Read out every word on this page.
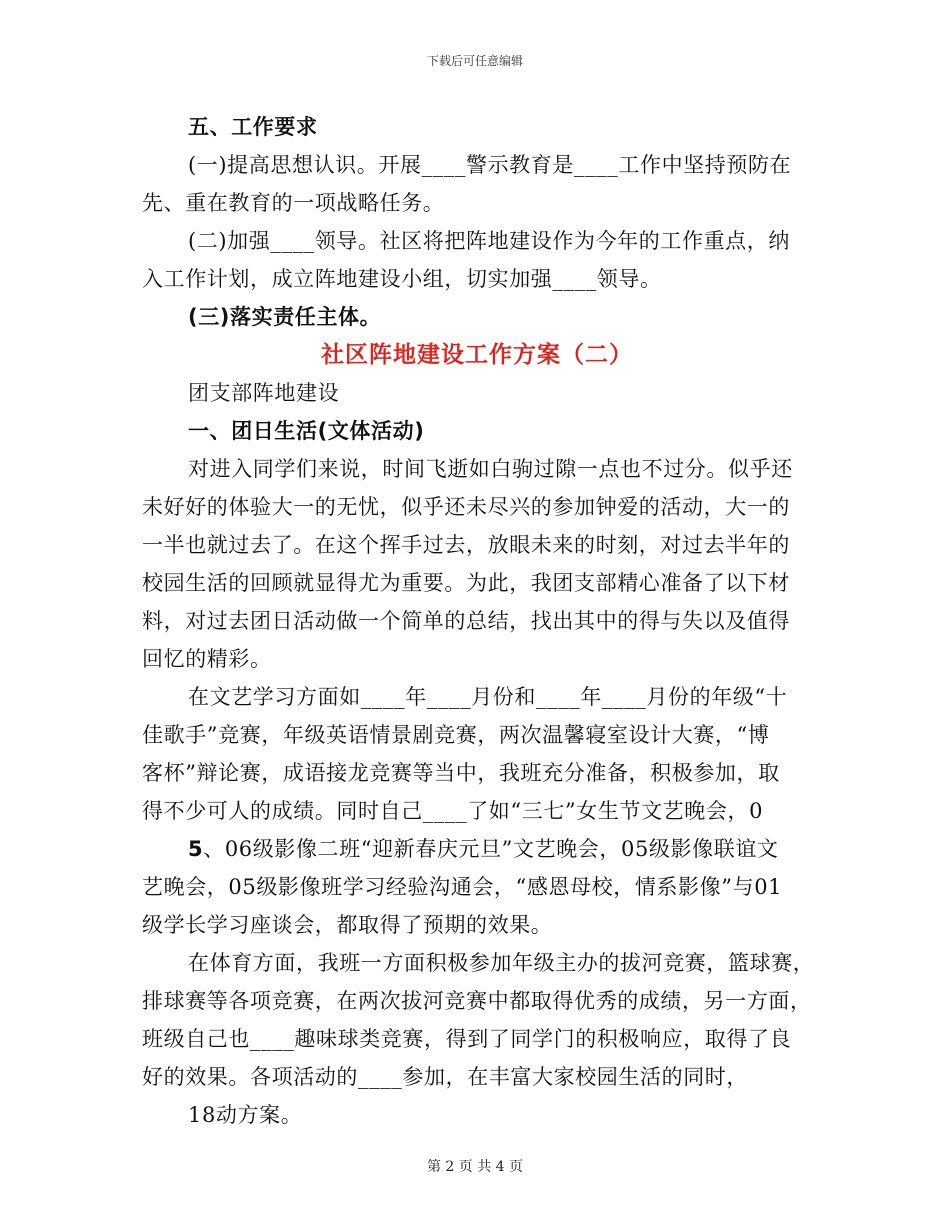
下载后可任意编辑
五、工作要求
(一)提高思想认识。开展____警示教育是____工作中坚持预防在
先、重在教育的一项战略任务。
(二)加强____领导。社区将把阵地建设作为今年的工作重点，纳
入工作计划，成立阵地建设小组，切实加强____领导。
(三)落实责任主体。
社区阵地建设工作方案（二）
团支部阵地建设
一、团日生活(文体活动)
对进入同学们来说，时间飞逝如白驹过隙一点也不过分。似乎还
未好好的体验大一的无忧，似乎还未尽兴的参加钟爱的活动，大一的
一半也就过去了。在这个挥手过去，放眼未来的时刻，对过去半年的
校园生活的回顾就显得尤为重要。为此，我团支部精心准备了以下材
料，对过去团日活动做一个简单的总结，找出其中的得与失以及值得
回忆的精彩。
在文艺学习方面如____年____月份和____年____月份的年级“十
佳歌手”竞赛，年级英语情景剧竞赛，两次温馨寝室设计大赛，“博
客杯”辩论赛，成语接龙竞赛等当中，我班充分准备，积极参加，取
得不少可人的成绩。同时自己____了如“三七”女生节文艺晚会，0
5、06级影像二班“迎新春庆元旦”文艺晚会，05级影像联谊文
艺晚会，05级影像班学习经验沟通会，“感恩母校，情系影像”与01
级学长学习座谈会，都取得了预期的效果。
在体育方面，我班一方面积极参加年级主办的拔河竞赛，篮球赛，
排球赛等各项竞赛，在两次拔河竞赛中都取得优秀的成绩，另一方面，
班级自己也____趣味球类竞赛，得到了同学门的积极响应，取得了良
好的效果。各项活动的____参加，在丰富大家校园生活的同时，
18动方案。
第 2 页 共 4 页
